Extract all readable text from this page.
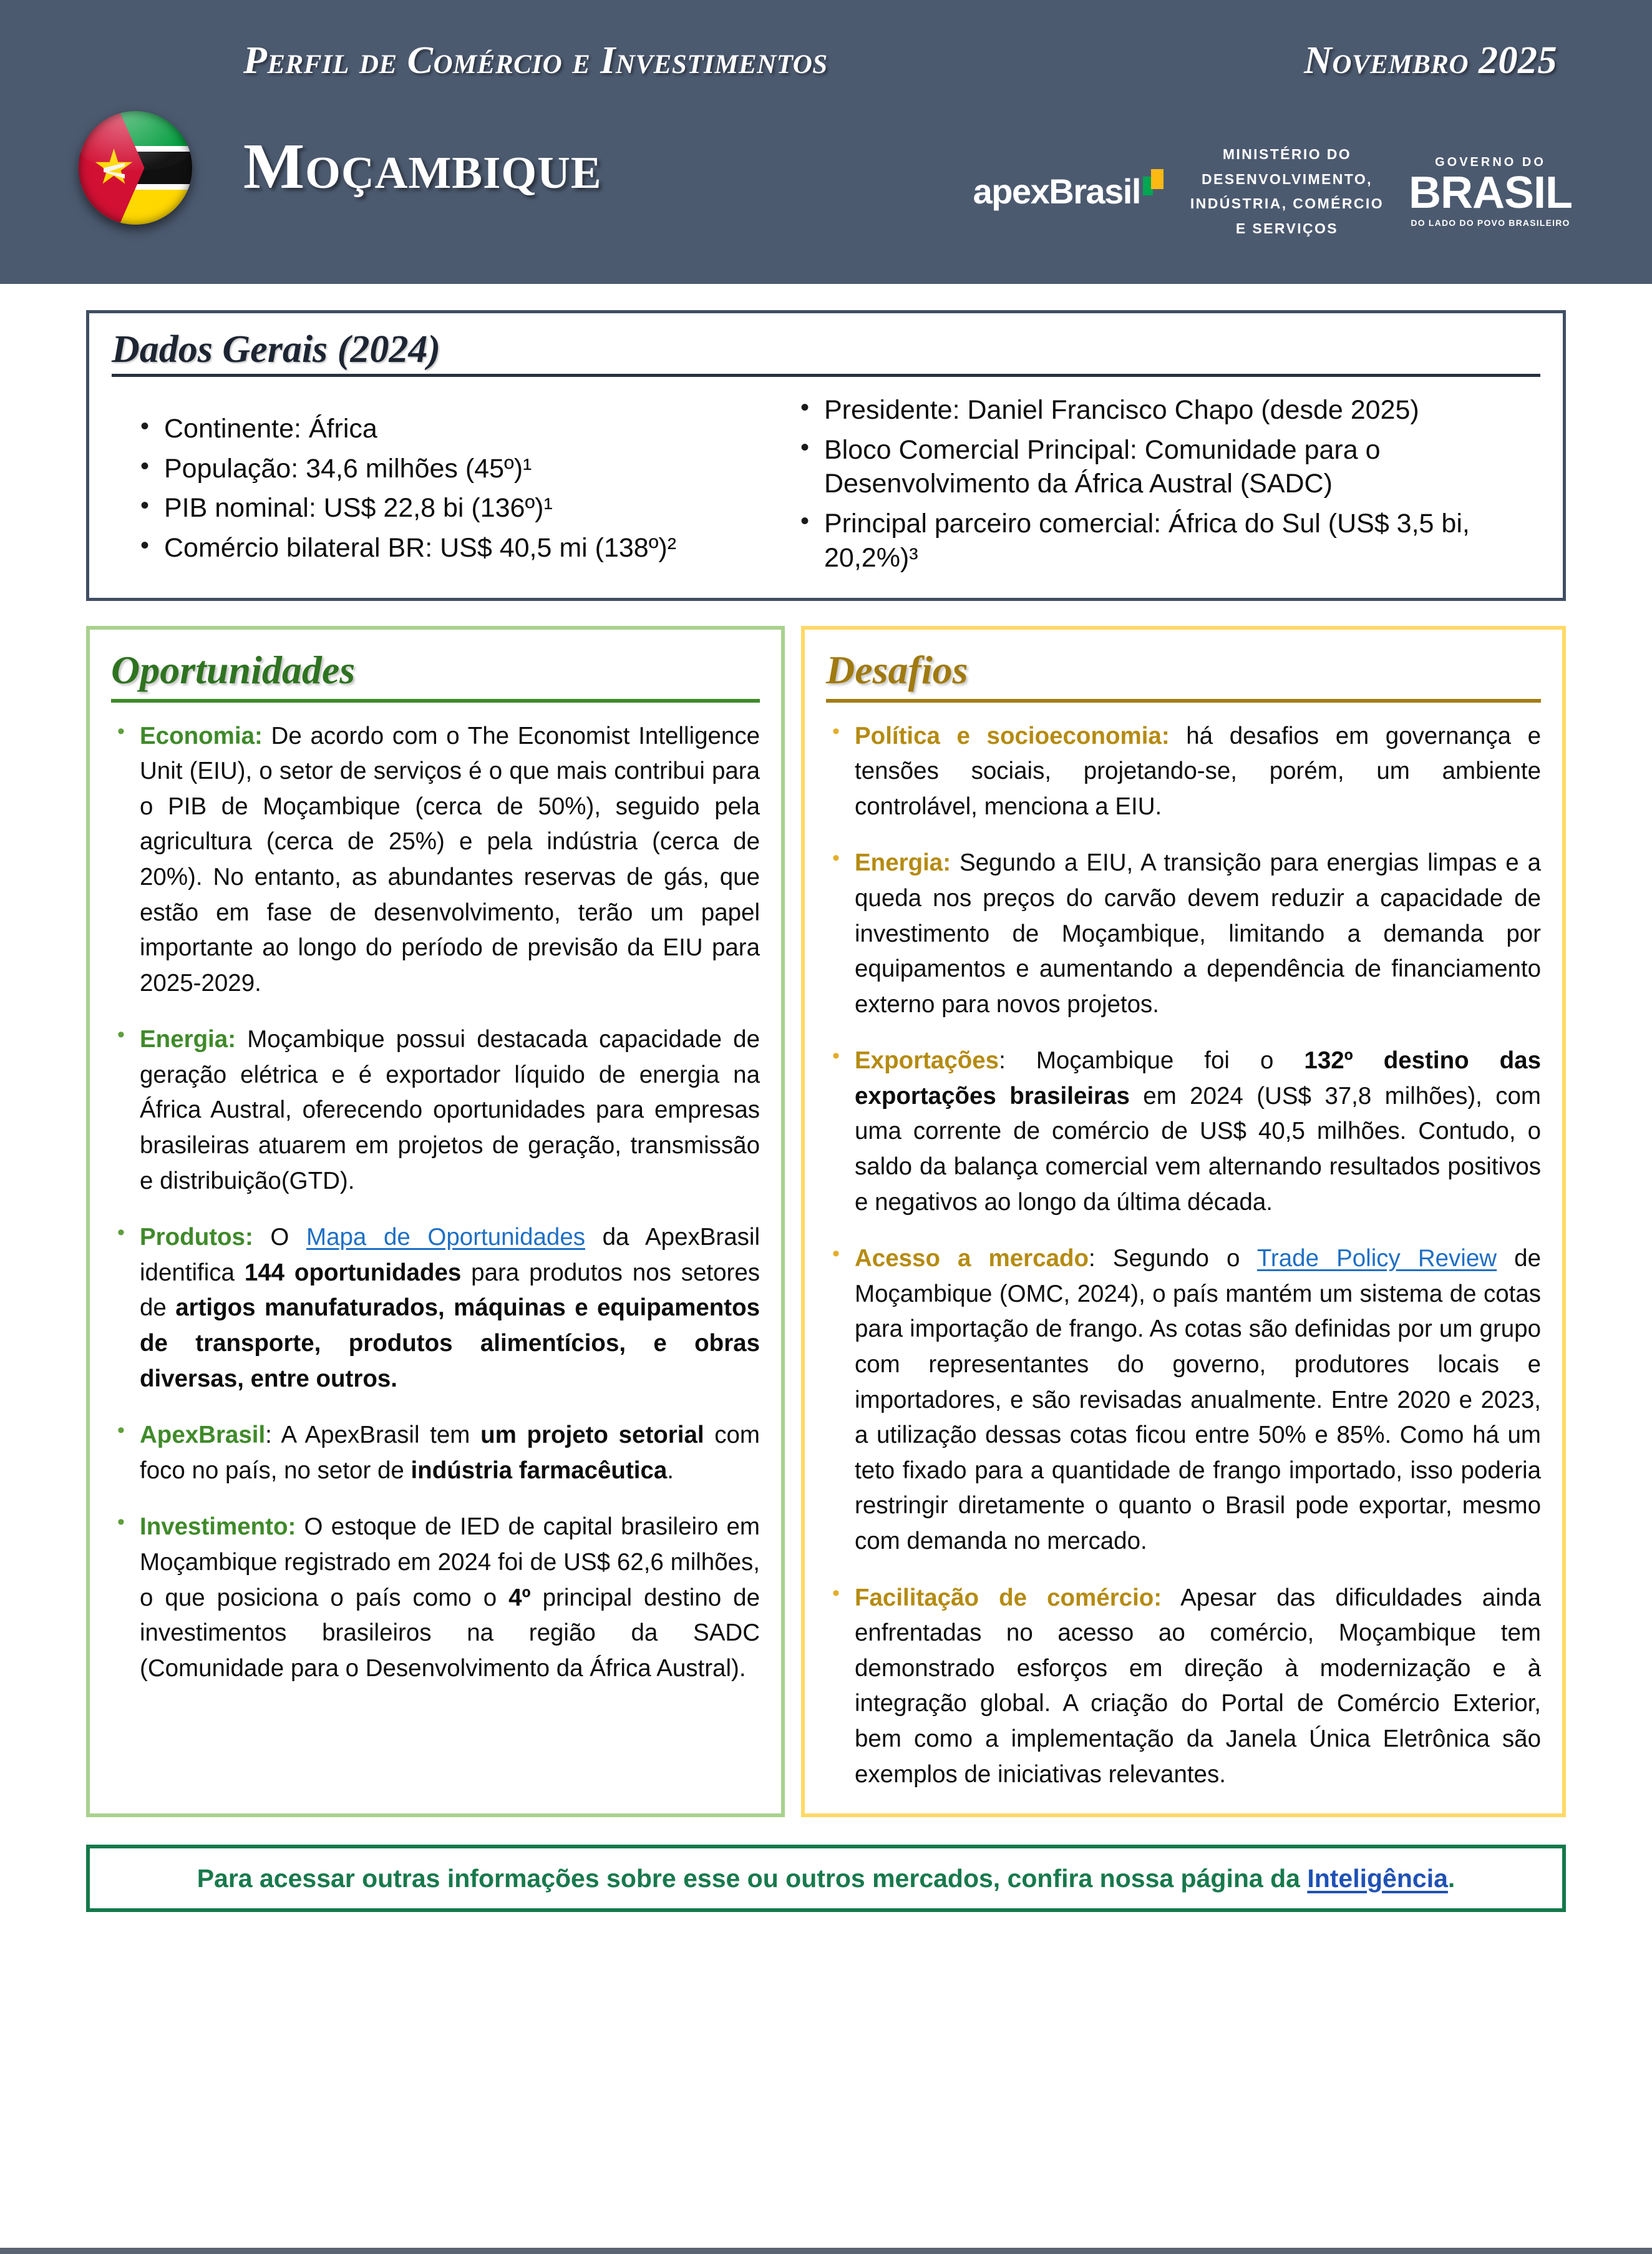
Perfil de Comércio e Investimentos	Novembro 2025
Moçambique	apexBrasil
MINISTÉRIO DO
DESENVOLVIMENTO,
INDÚSTRIA, COMÉRCIO
E SERVIÇOS
GOVERNO DO
BRASIL
DO LADO DO POVO BRASILEIRO
Dados Gerais (2024)
• Continente: África
• População: 34,6 milhões (45º)¹
• PIB nominal: US$ 22,8 bi (136º)¹
• Comércio bilateral BR: US$ 40,5 mi (138º)²
• Presidente: Daniel Francisco Chapo (desde 2025)
• Bloco Comercial Principal: Comunidade para o Desenvolvimento da África Austral (SADC)
• Principal parceiro comercial: África do Sul (US$ 3,5 bi, 20,2%)³
Oportunidades
• Economia: De acordo com o The Economist Intelligence Unit (EIU), o setor de serviços é o que mais contribui para o PIB de Moçambique (cerca de 50%), seguido pela agricultura (cerca de 25%) e pela indústria (cerca de 20%). No entanto, as abundantes reservas de gás, que estão em fase de desenvolvimento, terão um papel importante ao longo do período de previsão da EIU para 2025-2029.
• Energia: Moçambique possui destacada capacidade de geração elétrica e é exportador líquido de energia na África Austral, oferecendo oportunidades para empresas brasileiras atuarem em projetos de geração, transmissão e distribuição(GTD).
• Produtos: O Mapa de Oportunidades da ApexBrasil identifica 144 oportunidades para produtos nos setores de artigos manufaturados, máquinas e equipamentos de transporte, produtos alimentícios, e obras diversas, entre outros.
• ApexBrasil: A ApexBrasil tem um projeto setorial com foco no país, no setor de indústria farmacêutica.
• Investimento: O estoque de IED de capital brasileiro em Moçambique registrado em 2024 foi de US$ 62,6 milhões, o que posiciona o país como o 4º principal destino de investimentos brasileiros na região da SADC (Comunidade para o Desenvolvimento da África Austral).
Desafios
• Política e socioeconomia: há desafios em governança e tensões sociais, projetando-se, porém, um ambiente controlável, menciona a EIU.
• Energia: Segundo a EIU, A transição para energias limpas e a queda nos preços do carvão devem reduzir a capacidade de investimento de Moçambique, limitando a demanda por equipamentos e aumentando a dependência de financiamento externo para novos projetos.
• Exportações: Moçambique foi o 132º destino das exportações brasileiras em 2024 (US$ 37,8 milhões), com uma corrente de comércio de US$ 40,5 milhões. Contudo, o saldo da balança comercial vem alternando resultados positivos e negativos ao longo da última década.
• Acesso a mercado: Segundo o Trade Policy Review de Moçambique (OMC, 2024), o país mantém um sistema de cotas para importação de frango. As cotas são definidas por um grupo com representantes do governo, produtores locais e importadores, e são revisadas anualmente. Entre 2020 e 2023, a utilização dessas cotas ficou entre 50% e 85%. Como há um teto fixado para a quantidade de frango importado, isso poderia restringir diretamente o quanto o Brasil pode exportar, mesmo com demanda no mercado.
• Facilitação de comércio: Apesar das dificuldades ainda enfrentadas no acesso ao comércio, Moçambique tem demonstrado esforços em direção à modernização e à integração global. A criação do Portal de Comércio Exterior, bem como a implementação da Janela Única Eletrônica são exemplos de iniciativas relevantes.
Para acessar outras informações sobre esse ou outros mercados, confira nossa página da Inteligência.
